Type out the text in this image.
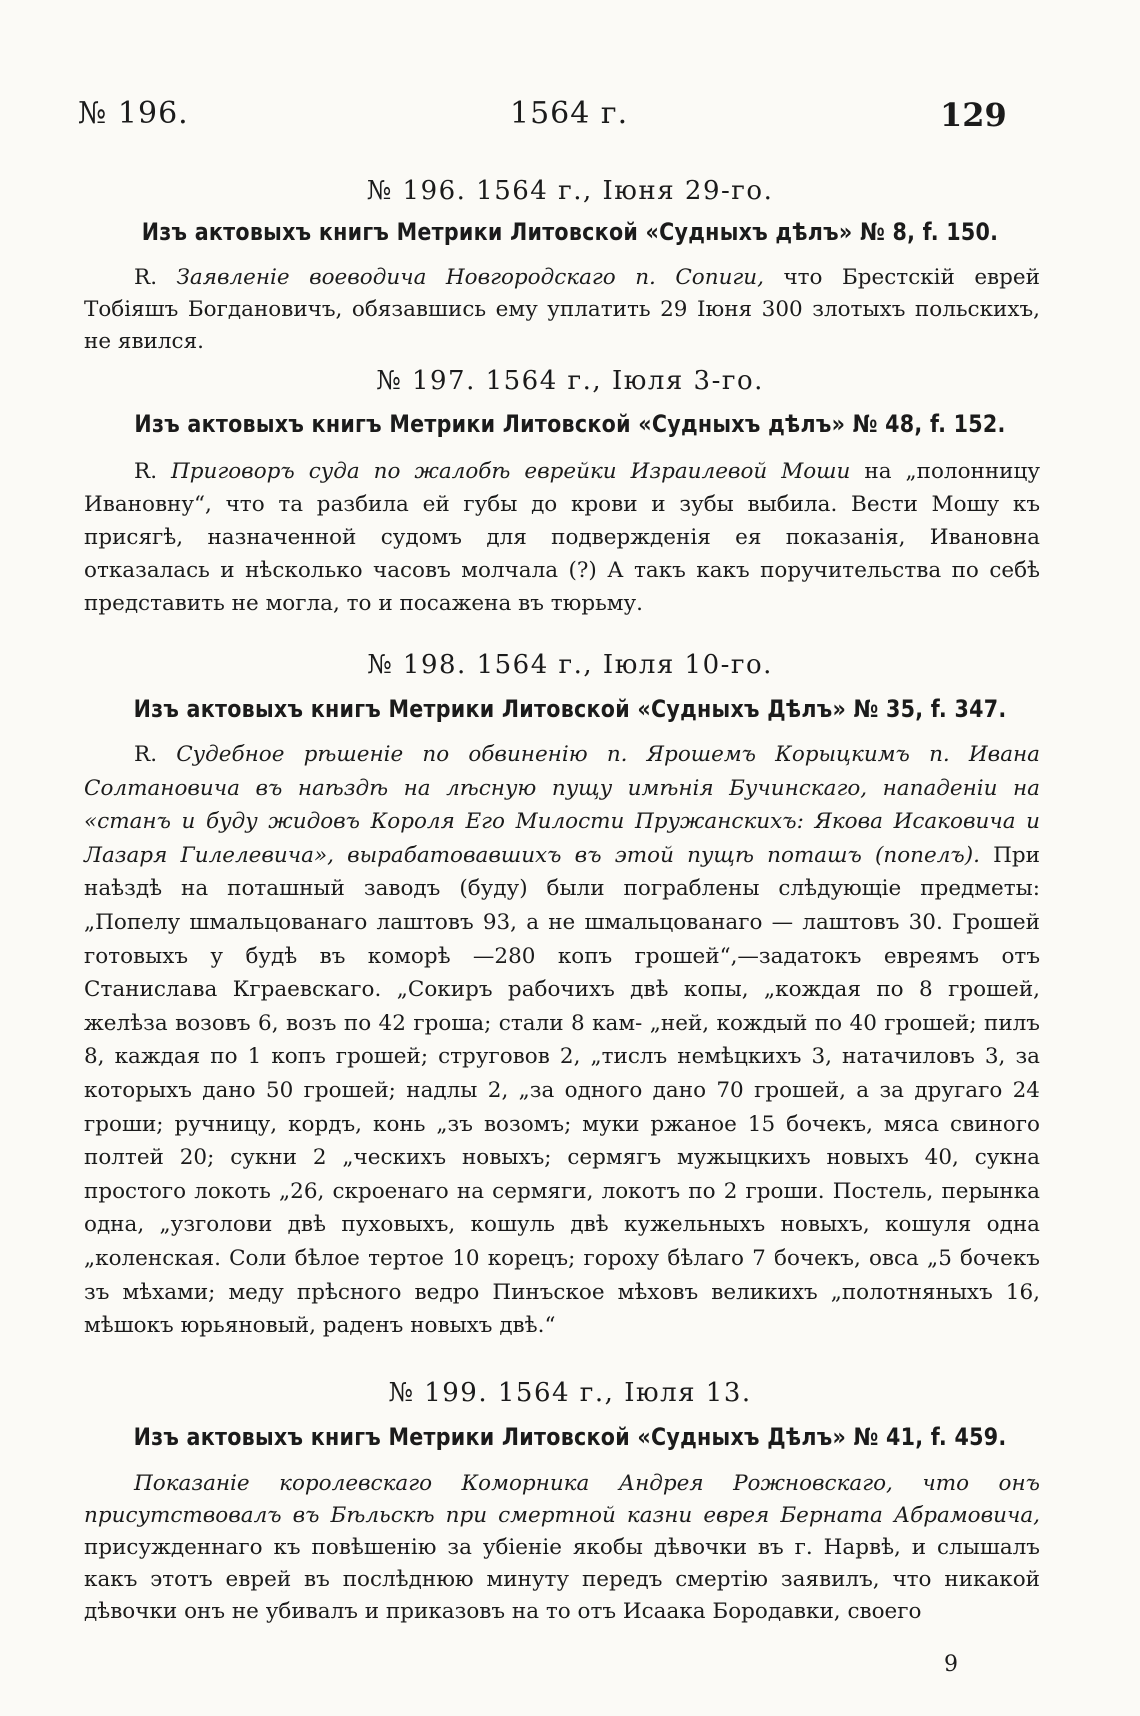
№ 196.	1564 г.	129
№ 196. 1564 г., Іюня 29-го.
Изъ актовыхъ книгъ Метрики Литовской «Судныхъ дѣлъ» № 8, f. 150.

R. Заявленіе воеводича Новгородскаго п. Сопиги, что Брестскій еврей Тобіяшъ Богдановичъ, обязавшись ему уплатить 29 Іюня 300 злотыхъ польскихъ, не явился.

№ 197. 1564 г., Іюля 3-го.
Изъ актовыхъ книгъ Метрики Литовской «Судныхъ дѣлъ» № 48, f. 152.

R. Приговоръ суда по жалобѣ еврейки Израилевой Моши на „полонницу Ивановну“, что та разбила ей губы до крови и зубы выбила. Вести Мошу къ присягѣ, назначенной судомъ для подверждeнія ея показанія, Ивановна отказалась и нѣсколько часовъ молчала (?) А такъ какъ поручительства по себѣ представить не могла, то и посажена въ тюрьму.

№ 198. 1564 г., Іюля 10-го.
Изъ актовыхъ книгъ Метрики Литовской «Судныхъ Дѣлъ» № 35, f. 347.

R. Судебное рѣшеніе по обвиненію п. Ярошемъ Корыцкимъ п. Ивана Солтановича въ наѣздѣ на лѣсную пущу имѣнія Бучинскаго, нападеніи на «станъ и буду жидовъ Короля Его Милости Пружанскихъ: Якова Исаковича и Лазаря Гилелевича», вырабатовавшихъ въ этой пущѣ поташъ (попелъ). При наѣздѣ на поташный заводъ (буду) были пограблены слѣдующіе предметы: „Попелу шмальцованаго лаштовъ 93, а не шмальцованаго — лаштовъ 30. Грошей готовыхъ у будѣ въ коморѣ —280 копъ грошей“,—задатокъ евреямъ отъ Станислава Кграевскаго. „Сокиръ рабочихъ двѣ копы, „кождая по 8 грошей, желѣза возовъ 6, возъ по 42 гроша; стали 8 кам- „ней, кождый по 40 грошей; пилъ 8, каждая по 1 копъ грошей; струговов 2, „тислъ немѣцкихъ 3, натачиловъ 3, за которыхъ дано 50 грошей; надлы 2, „за одного дано 70 грошей, а за другаго 24 гроши; ручницу, кордъ, конь „зъ возомъ; муки ржаное 15 бочекъ, мяса свиного полтей 20; сукни 2 „ческихъ новыхъ; сермягъ мужыцкихъ новыхъ 40, сукна простого локоть „26, скроенаго на сермяги, локотъ по 2 гроши. Постель, перынка одна, „узголови двѣ пуховыхъ, кошуль двѣ кужельныхъ новыхъ, кошуля одна „коленская. Соли бѣлое тертое 10 корецъ; гороху бѣлаго 7 бочекъ, овса „5 бочекъ зъ мѣхами; меду прѣсного ведро Пинъское мѣховъ великихъ „полотняныхъ 16, мѣшокъ юрьяновый, раденъ новыхъ двѣ.“

№ 199. 1564 г., Іюля 13.
Изъ актовыхъ книгъ Метрики Литовской «Судныхъ Дѣлъ» № 41, f. 459.

Показаніе королевскаго Коморника Андрея Рожновскаго, что онъ присутствовалъ въ Бѣльскѣ при смертной казни еврея Берната Абрамовича, присужденнаго къ повѣшенію за убіеніе якобы дѣвочки въ г. Нарвѣ, и слышалъ какъ этотъ еврей въ послѣднюю минуту передъ смертію заявилъ, что никакой дѣвочки онъ не убивалъ и приказовъ на то отъ Исаака Бородавки, своего

9
